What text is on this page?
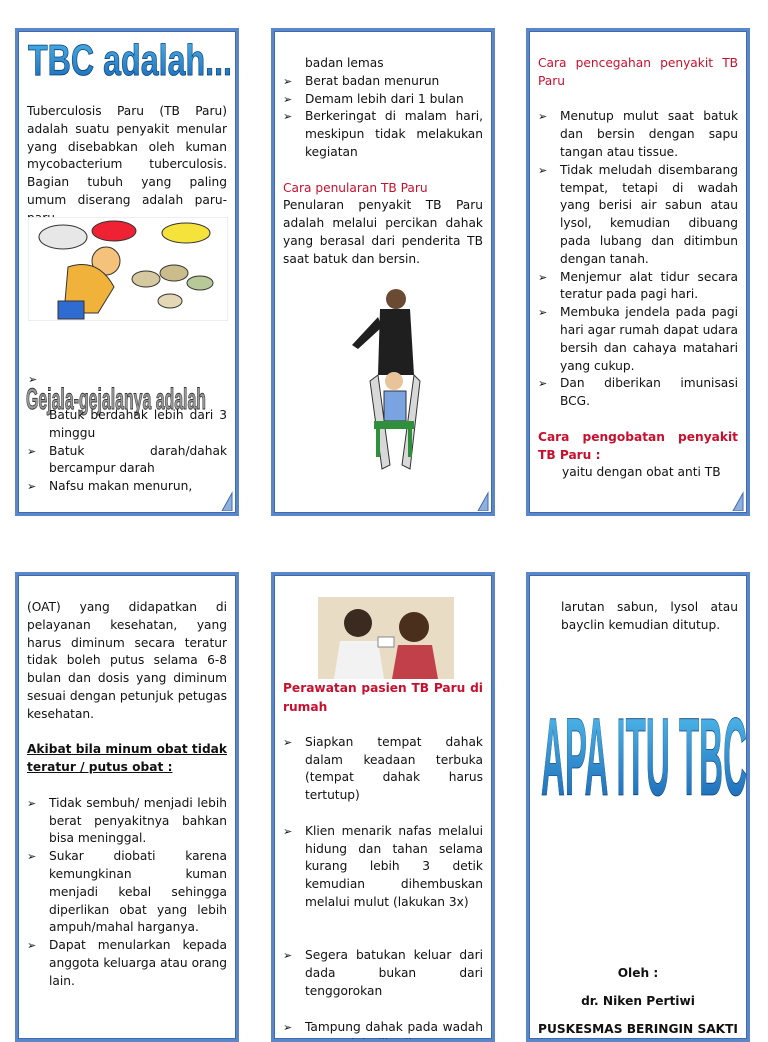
TBC adalah...

Tuberculosis Paru (TB Paru) adalah suatu penyakit menular yang disebabkan oleh kuman mycobacterium tuberculosis. Bagian tubuh yang paling umum diserang adalah paru-

Gejala-gejalanya adalah
➢
Batuk berdahak lebih dari 3 minggu
➢	Batuk darah/dahak bercampur darah
➢	Nafsu makan menurun,
badan lemas
➢	Berat badan menurun
➢	Demam lebih dari 1 bulan
➢	Berkeringat di malam hari, meskipun tidak melakukan kegiatan

Cara penularan TB Paru

Penularan penyakit TB Paru adalah melalui percikan dahak yang berasal dari penderita TB saat batuk dan bersin.

Cara pencegahan penyakit TB Paru

➢	Menutup mulut saat batuk dan bersin dengan sapu tangan atau tissue.
➢	Tidak meludah disembarang tempat, tetapi di wadah yang berisi air sabun atau lysol, kemudian dibuang pada lubang dan ditimbun dengan tanah.
➢	Menjemur alat tidur secara teratur pada pagi hari.
➢	Membuka jendela pada pagi hari agar rumah dapat udara bersih dan cahaya matahari yang cukup.
➢	Dan diberikan imunisasi BCG.

Cara pengobatan penyakit TB Paru :

yaitu dengan obat anti TB

(OAT) yang didapatkan di pelayanan kesehatan, yang harus diminum secara teratur tidak boleh putus selama 6-8 bulan dan dosis yang diminum sesuai dengan petunjuk petugas kesehatan.

Akibat bila minum obat tidak teratur / putus obat :

➢	Tidak sembuh/ menjadi lebih berat penyakitnya bahkan bisa meninggal.
➢	Sukar diobati karena kemungkinan kuman menjadi kebal sehingga diperlikan obat yang lebih ampuh/mahal harganya.
➢	Dapat menularkan kepada anggota keluarga atau orang lain.

Perawatan pasien TB Paru di rumah

➢	Siapkan tempat dahak dalam keadaan terbuka (tempat dahak harus tertutup)
➢	Klien menarik nafas melalui hidung dan tahan selama kurang lebih 3 detik kemudian dihembuskan melalui mulut (lakukan 3x)
➢	Segera batukan keluar dari dada bukan dari tenggorokan
➢	Tampung dahak pada wadah

larutan sabun, lysol atau bayclin kemudian ditutup.

APA ITU TBC

Oleh :

dr. Niken Pertiwi

PUSKESMAS BERINGIN SAKTI
